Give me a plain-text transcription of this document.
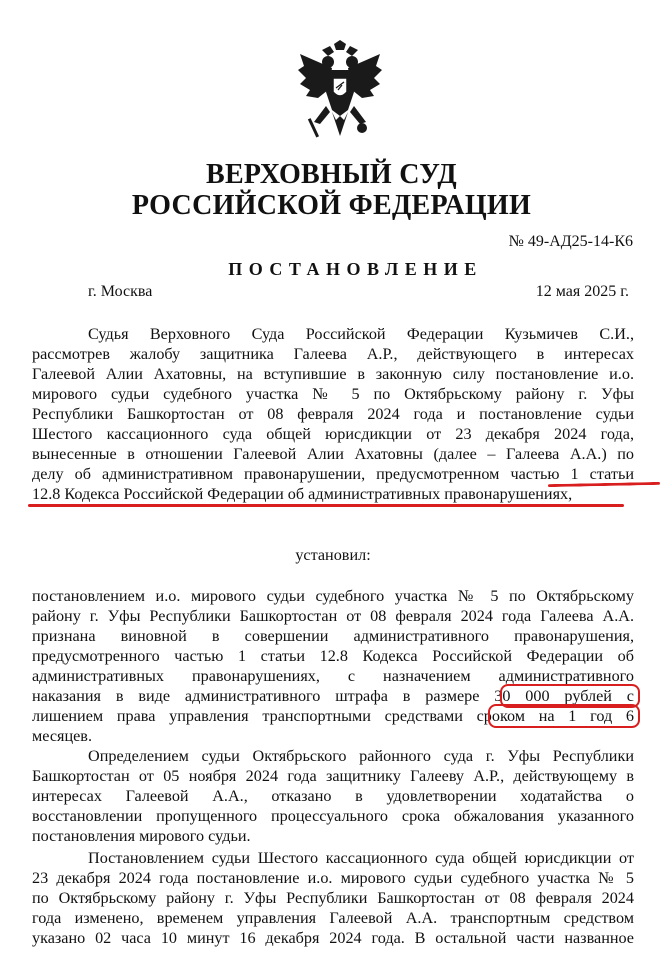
ВЕРХОВНЫЙ СУД
РОССИЙСКОЙ ФЕДЕРАЦИИ
№ 49-АД25-14-К6
ПОСТАНОВЛЕНИЕ
г. Москва	12 мая 2025 г.
Судья Верховного Суда Российской Федерации Кузьмичев С.И.,
рассмотрев жалобу защитника Галеева А.Р., действующего в интересах
Галеевой Алии Ахатовны, на вступившие в законную силу постановление и.о.
мирового судьи судебного участка № 5 по Октябрьскому району г. Уфы
Республики Башкортостан от 08 февраля 2024 года и постановление судьи
Шестого кассационного суда общей юрисдикции от 23 декабря 2024 года,
вынесенные в отношении Галеевой Алии Ахатовны (далее – Галеева А.А.) по
делу об административном правонарушении, предусмотренном частью 1 статьи
12.8 Кодекса Российской Федерации об административных правонарушениях,
установил:
постановлением и.о. мирового судьи судебного участка № 5 по Октябрьскому
району г. Уфы Республики Башкортостан от 08 февраля 2024 года Галеева А.А.
признана виновной в совершении административного правонарушения,
предусмотренного частью 1 статьи 12.8 Кодекса Российской Федерации об
административных правонарушениях, с назначением административного
наказания в виде административного штрафа в размере 30 000 рублей с
лишением права управления транспортными средствами сроком на 1 год 6
месяцев.
Определением судьи Октябрьского районного суда г. Уфы Республики
Башкортостан от 05 ноября 2024 года защитнику Галееву А.Р., действующему в
интересах Галеевой А.А., отказано в удовлетворении ходатайства о
восстановлении пропущенного процессуального срока обжалования указанного
постановления мирового судьи.
Постановлением судьи Шестого кассационного суда общей юрисдикции от
23 декабря 2024 года постановление и.о. мирового судьи судебного участка № 5
по Октябрьскому району г. Уфы Республики Башкортостан от 08 февраля 2024
года изменено, временем управления Галеевой А.А. транспортным средством
указано 02 часа 10 минут 16 декабря 2024 года. В остальной части названное
